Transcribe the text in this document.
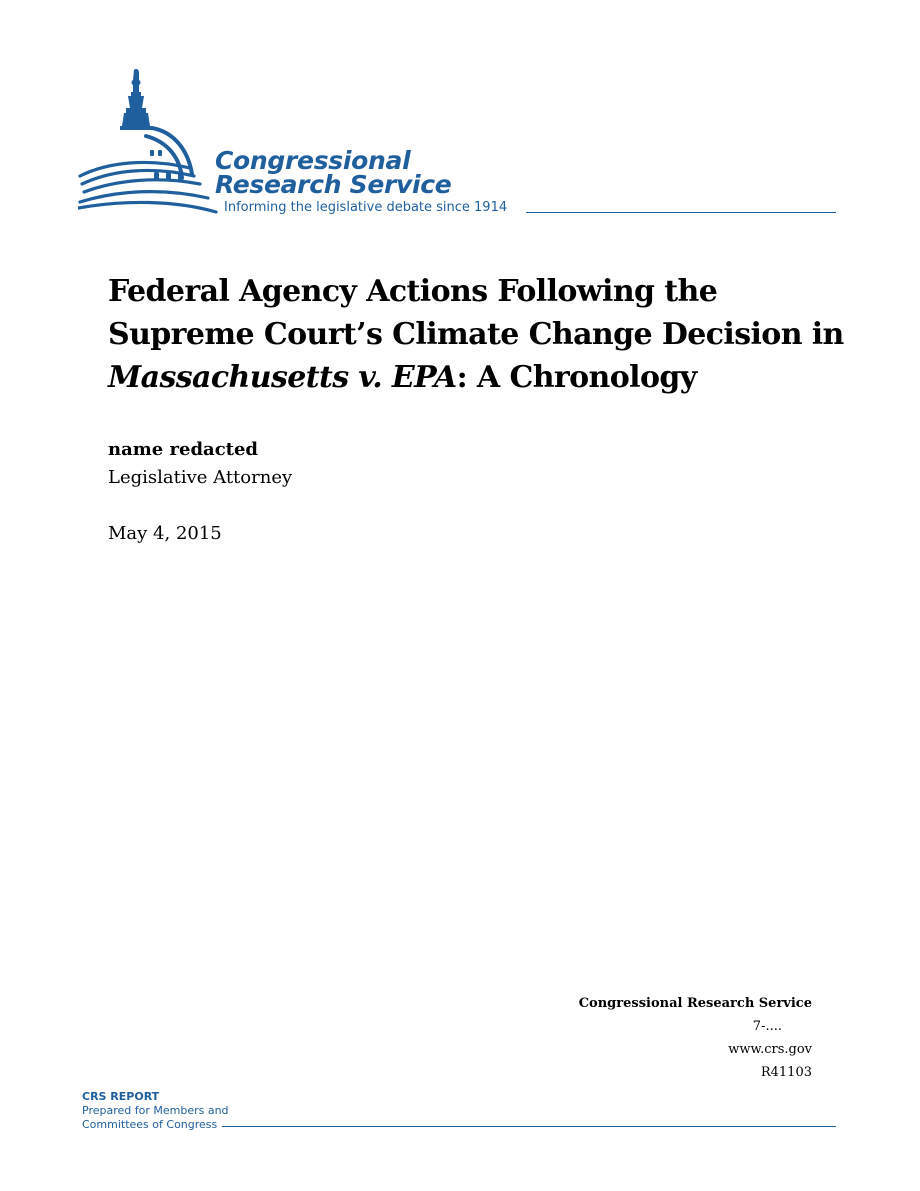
Congressional
Research Service
Informing the legislative debate since 1914
Federal Agency Actions Following the Supreme Court’s Climate Change Decision in Massachusetts v. EPA: A Chronology
name redacted
Legislative Attorney
May 4, 2015
Congressional Research Service
7-....
www.crs.gov
R41103
CRS REPORT
Prepared for Members and
Committees of Congress
